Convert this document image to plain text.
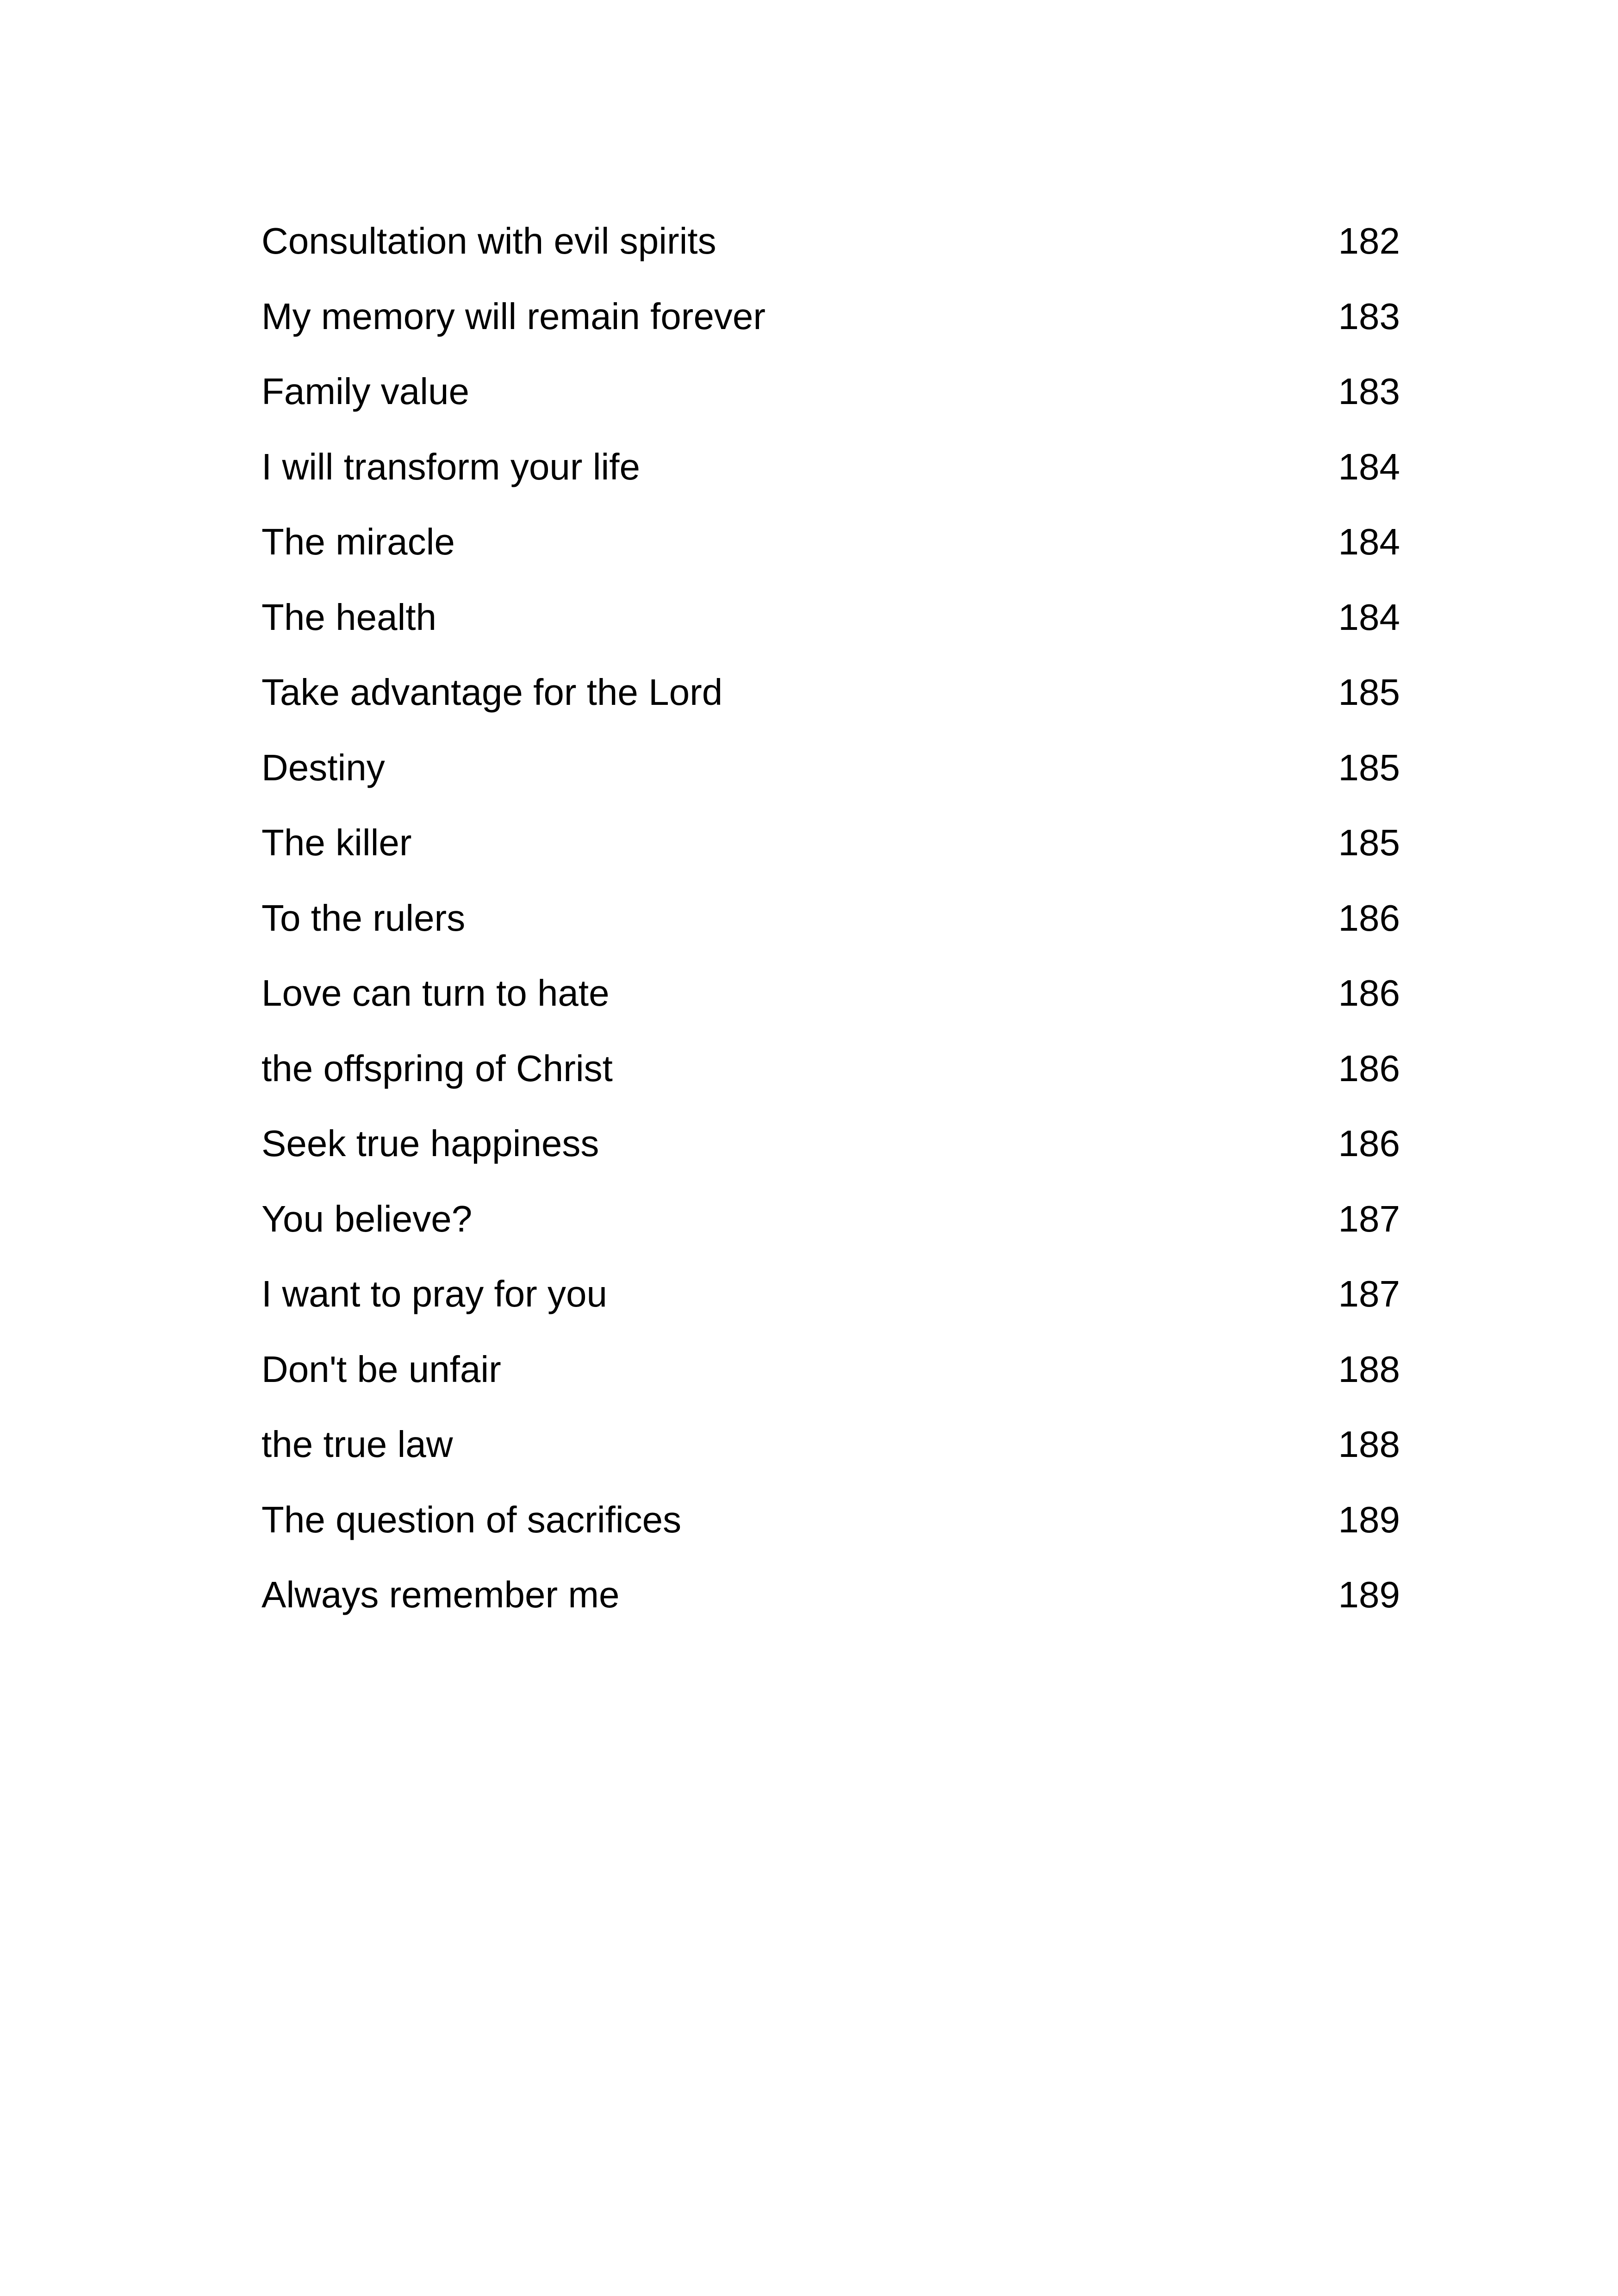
Consultation with evil spirits	182
My memory will remain forever	183
Family value	183
I will transform your life	184
The miracle	184
The health	184
Take advantage for the Lord	185
Destiny	185
The killer	185
To the rulers	186
Love can turn to hate	186
the offspring of Christ	186
Seek true happiness	186
You believe?	187
I want to pray for you	187
Don't be unfair	188
the true law	188
The question of sacrifices	189
Always remember me	189
